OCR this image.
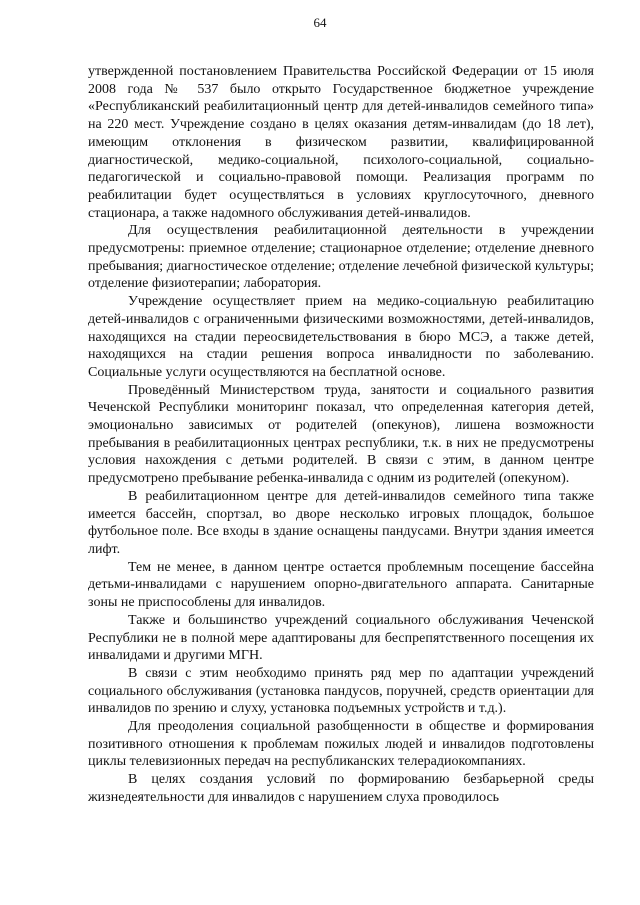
64

утвержденной постановлением Правительства Российской Федерации от 15 июля 2008 года № 537 было открыто Государственное бюджетное учреждение «Республиканский реабилитационный центр для детей-инвалидов семейного типа» на 220 мест. Учреждение создано в целях оказания детям-инвалидам (до 18 лет), имеющим отклонения в физическом развитии, квалифицированной диагностической, медико-социальной, психолого-социальной, социально-педагогической и социально-правовой помощи. Реализация программ по реабилитации будет осуществляться в условиях круглосуточного, дневного стационара, а также надомного обслуживания детей-инвалидов.

Для осуществления реабилитационной деятельности в учреждении предусмотрены: приемное отделение; стационарное отделение; отделение дневного пребывания; диагностическое отделение; отделение лечебной физической культуры; отделение физиотерапии; лаборатория.

Учреждение осуществляет прием на медико-социальную реабилитацию детей-инвалидов с ограниченными физическими возможностями, детей-инвалидов, находящихся на стадии переосвидетельствования в бюро МСЭ, а также детей, находящихся на стадии решения вопроса инвалидности по заболеванию. Социальные услуги осуществляются на бесплатной основе.

Проведённый Министерством труда, занятости и социального развития Чеченской Республики мониторинг показал, что определенная категория детей, эмоционально зависимых от родителей (опекунов), лишена возможности пребывания в реабилитационных центрах республики, т.к. в них не предусмотрены условия нахождения с детьми родителей. В связи с этим, в данном центре предусмотрено пребывание ребенка-инвалида с одним из родителей (опекуном).

В реабилитационном центре для детей-инвалидов семейного типа также имеется бассейн, спортзал, во дворе несколько игровых площадок, большое футбольное поле. Все входы в здание оснащены пандусами. Внутри здания имеется лифт.

Тем не менее, в данном центре остается проблемным посещение бассейна детьми-инвалидами с нарушением опорно-двигательного аппарата. Санитарные зоны не приспособлены для инвалидов.

Также и большинство учреждений социального обслуживания Чеченской Республики не в полной мере адаптированы для беспрепятственного посещения их инвалидами и другими МГН.

В связи с этим необходимо принять ряд мер по адаптации учреждений социального обслуживания (установка пандусов, поручней, средств ориентации для инвалидов по зрению и слуху, установка подъемных устройств и т.д.).

Для преодоления социальной разобщенности в обществе и формирования позитивного отношения к проблемам пожилых людей и инвалидов подготовлены циклы телевизионных передач на республиканских телерадиокомпаниях.

В целях создания условий по формированию безбарьерной среды жизнедеятельности для инвалидов с нарушением слуха проводилось
